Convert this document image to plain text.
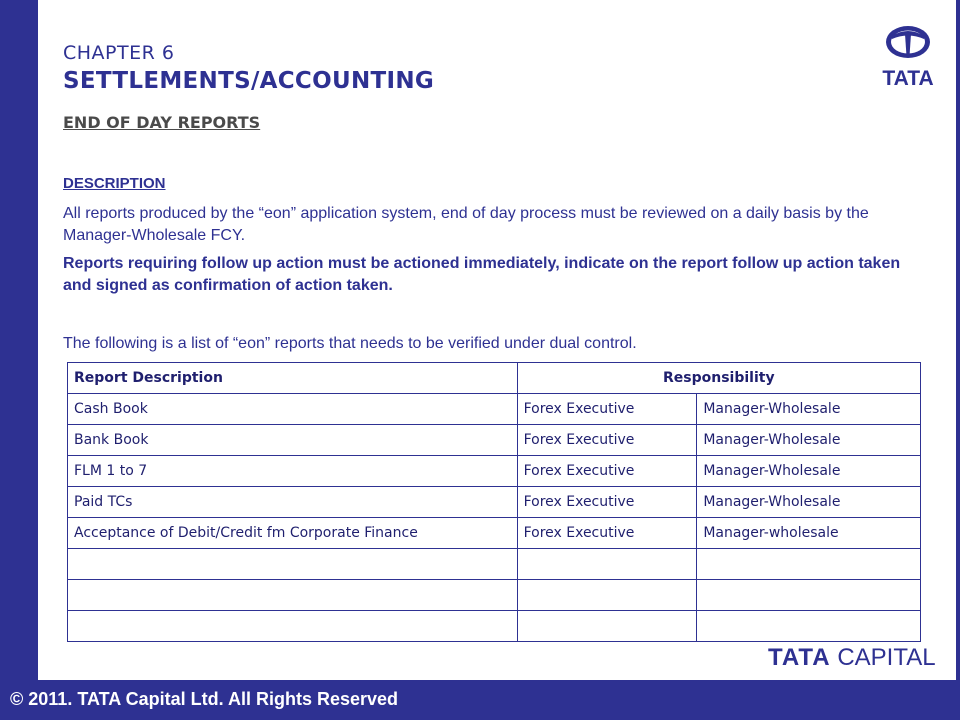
CHAPTER 6
SETTLEMENTS/ACCOUNTING
END OF DAY REPORTS
TATA
DESCRIPTION
All reports produced by the “eon” application system, end of day process must be reviewed on a daily basis by the Manager-Wholesale FCY.
Reports requiring follow up action must be actioned immediately, indicate on the report follow up action taken and signed as confirmation of action taken.
The following is a list of “eon” reports that needs to be verified under dual control.
Report Description	Responsibility	
Cash Book	Forex Executive	Manager-Wholesale
Bank Book	Forex Executive	Manager-Wholesale
FLM 1 to 7	Forex Executive	Manager-Wholesale
Paid TCs	Forex Executive	Manager-Wholesale
Acceptance of Debit/Credit fm Corporate Finance	Forex Executive	Manager-wholesale

TATA CAPITAL
© 2011. TATA Capital Ltd. All Rights Reserved
